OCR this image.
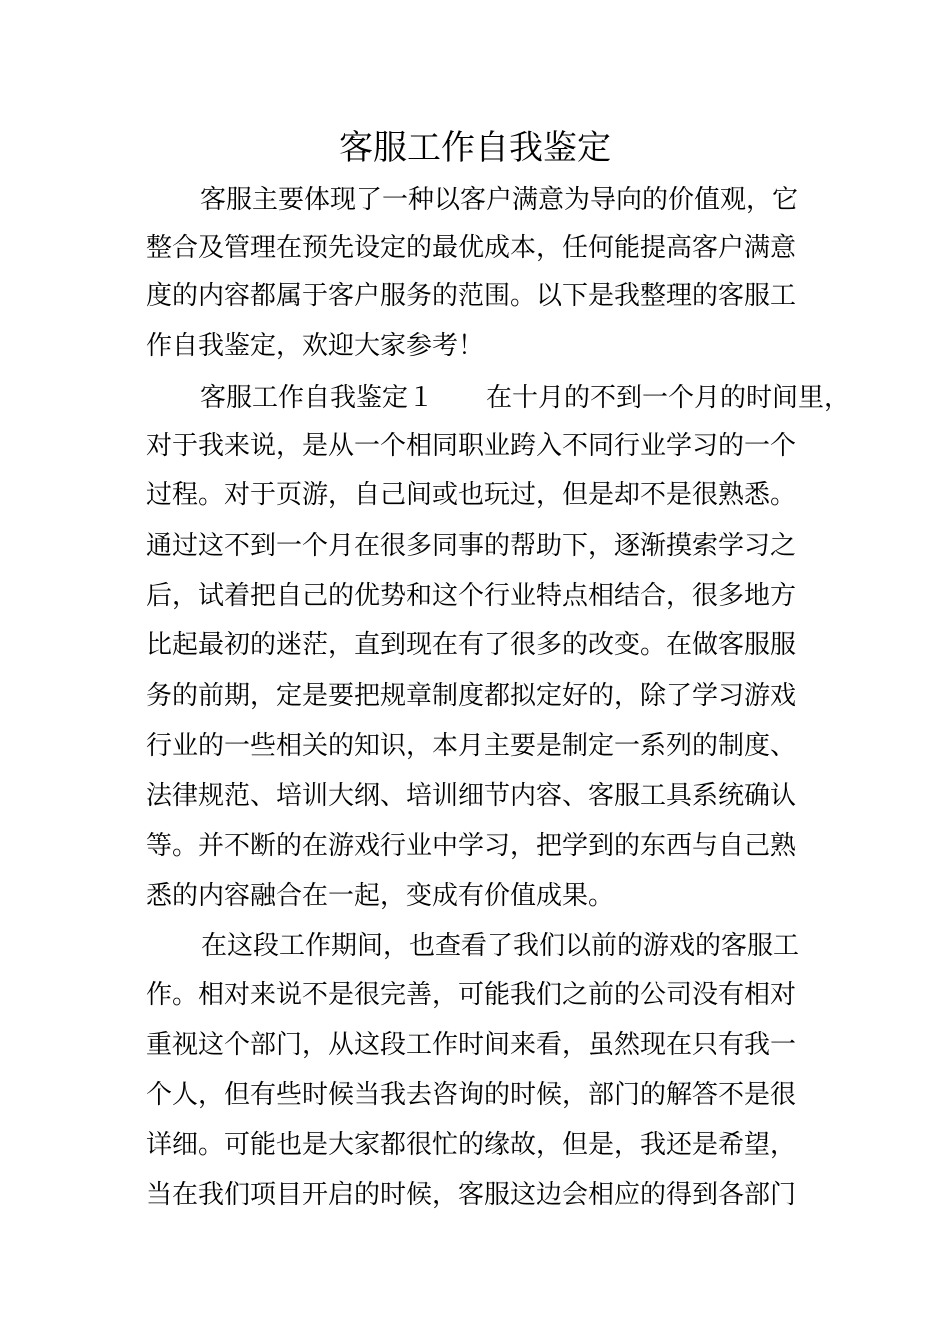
客服工作自我鉴定

客服主要体现了一种以客户满意为导向的价值观，它

整合及管理在预先设定的最优成本，任何能提高客户满意

度的内容都属于客户服务的范围。以下是我整理的客服工

作自我鉴定，欢迎大家参考！

客服工作自我鉴定１　　在十月的不到一个月的时间里，

对于我来说，是从一个相同职业跨入不同行业学习的一个

过程。对于页游，自己间或也玩过，但是却不是很熟悉。

通过这不到一个月在很多同事的帮助下，逐渐摸索学习之

后，试着把自己的优势和这个行业特点相结合，很多地方

比起最初的迷茫，直到现在有了很多的改变。在做客服服

务的前期，定是要把规章制度都拟定好的，除了学习游戏

行业的一些相关的知识，本月主要是制定一系列的制度、

法律规范、培训大纲、培训细节内容、客服工具系统确认

等。并不断的在游戏行业中学习，把学到的东西与自己熟

悉的内容融合在一起，变成有价值成果。

在这段工作期间，也查看了我们以前的游戏的客服工

作。相对来说不是很完善，可能我们之前的公司没有相对

重视这个部门，从这段工作时间来看，虽然现在只有我一

个人，但有些时候当我去咨询的时候，部门的解答不是很

详细。可能也是大家都很忙的缘故，但是，我还是希望，

当在我们项目开启的时候，客服这边会相应的得到各部门
